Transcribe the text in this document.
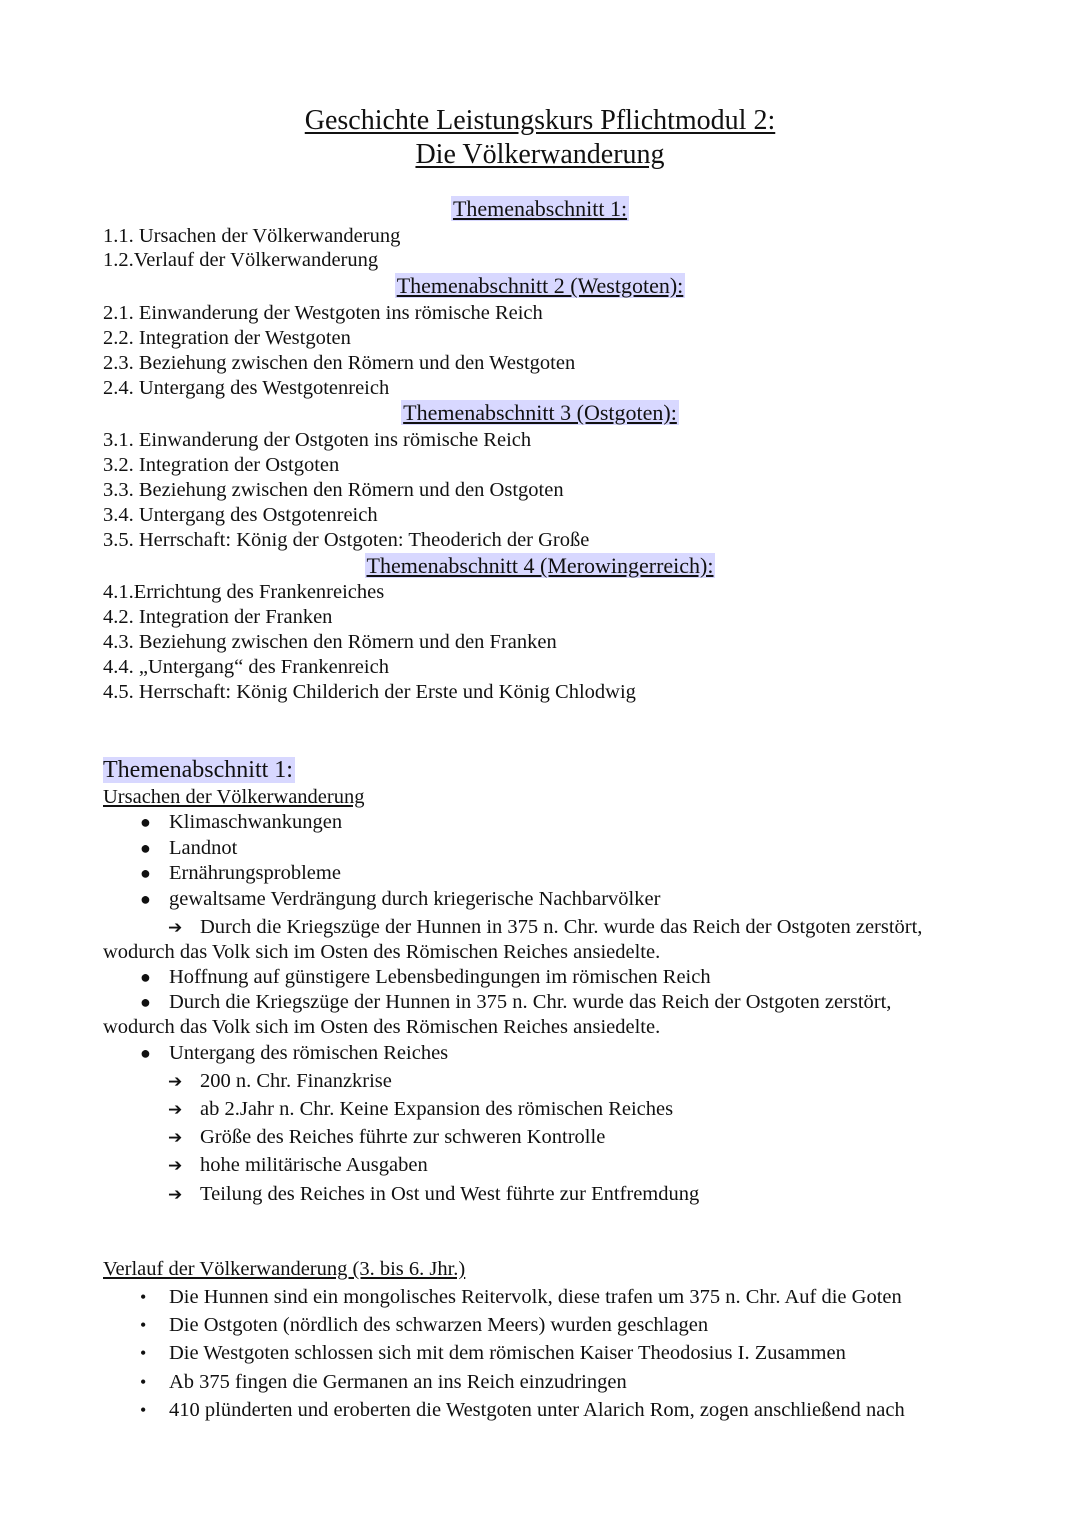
Geschichte Leistungskurs Pflichtmodul 2:
Die Völkerwanderung
Themenabschnitt 1:
1.1. Ursachen der Völkerwanderung
1.2.Verlauf der Völkerwanderung
Themenabschnitt 2 (Westgoten):
2.1. Einwanderung der Westgoten ins römische Reich
2.2. Integration der Westgoten
2.3. Beziehung zwischen den Römern und den Westgoten
2.4. Untergang des Westgotenreich
Themenabschnitt 3 (Ostgoten):
3.1. Einwanderung der Ostgoten ins römische Reich
3.2. Integration der Ostgoten
3.3. Beziehung zwischen den Römern und den Ostgoten
3.4. Untergang des Ostgotenreich
3.5. Herrschaft: König der Ostgoten: Theoderich der Große
Themenabschnitt 4 (Merowingerreich):
4.1.Errichtung des Frankenreiches
4.2. Integration der Franken
4.3. Beziehung zwischen den Römern und den Franken
4.4. „Untergang“ des Frankenreich
4.5. Herrschaft: König Childerich der Erste und König Chlodwig
Themenabschnitt 1:
Ursachen der Völkerwanderung
● Klimaschwankungen
● Landnot
● Ernährungsprobleme
● gewaltsame Verdrängung durch kriegerische Nachbarvölker
➔ Durch die Kriegszüge der Hunnen in 375 n. Chr. wurde das Reich der Ostgoten zerstört,
wodurch das Volk sich im Osten des Römischen Reiches ansiedelte.
● Hoffnung auf günstigere Lebensbedingungen im römischen Reich
● Durch die Kriegszüge der Hunnen in 375 n. Chr. wurde das Reich der Ostgoten zerstört,
wodurch das Volk sich im Osten des Römischen Reiches ansiedelte.
● Untergang des römischen Reiches
➔ 200 n. Chr. Finanzkrise
➔ ab 2.Jahr n. Chr. Keine Expansion des römischen Reiches
➔ Größe des Reiches führte zur schweren Kontrolle
➔ hohe militärische Ausgaben
➔ Teilung des Reiches in Ost und West führte zur Entfremdung
Verlauf der Völkerwanderung (3. bis 6. Jhr.)
• Die Hunnen sind ein mongolisches Reitervolk, diese trafen um 375 n. Chr. Auf die Goten
• Die Ostgoten (nördlich des schwarzen Meers) wurden geschlagen
• Die Westgoten schlossen sich mit dem römischen Kaiser Theodosius I. Zusammen
• Ab 375 fingen die Germanen an ins Reich einzudringen
• 410 plünderten und eroberten die Westgoten unter Alarich Rom, zogen anschließend nach
